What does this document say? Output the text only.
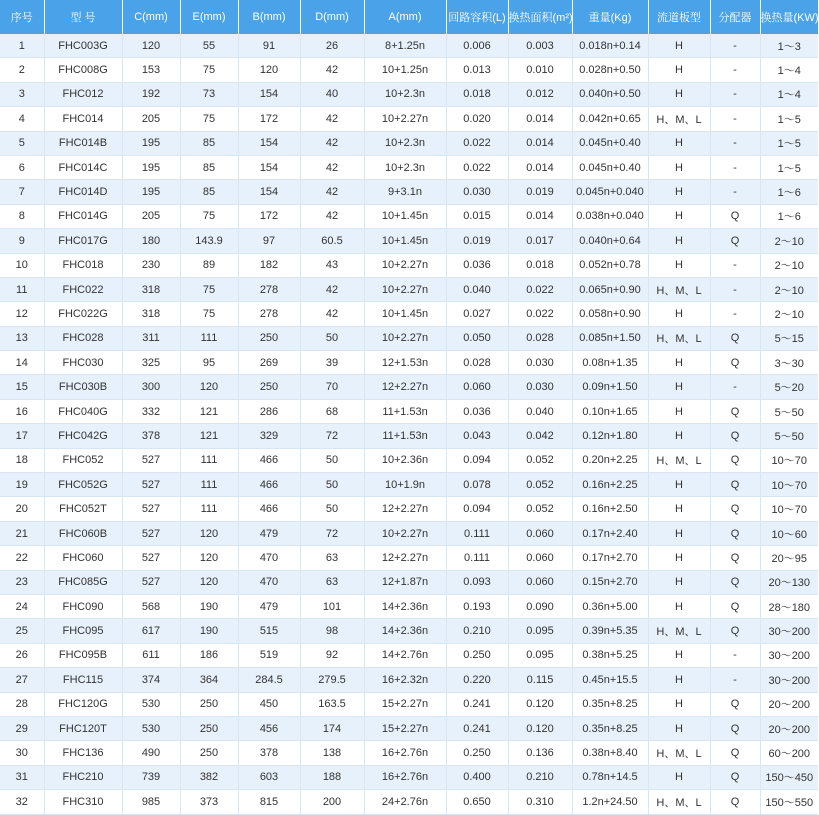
序号	型 号	C(mm)	E(mm)	B(mm)	D(mm)	A(mm)	回路容积(L)	换热面积(m²)	重量(Kg)	流道板型	分配器	换热量(KW)
1	FHC003G	120	55	91	26	8+1.25n	0.006	0.003	0.018n+0.14	H	-	1～3
2	FHC008G	153	75	120	42	10+1.25n	0.013	0.010	0.028n+0.50	H	-	1～4
3	FHC012	192	73	154	40	10+2.3n	0.018	0.012	0.040n+0.50	H	-	1～4
4	FHC014	205	75	172	42	10+2.27n	0.020	0.014	0.042n+0.65	H、M、L	-	1～5
5	FHC014B	195	85	154	42	10+2.3n	0.022	0.014	0.045n+0.40	H	-	1～5
6	FHC014C	195	85	154	42	10+2.3n	0.022	0.014	0.045n+0.40	H	-	1～5
7	FHC014D	195	85	154	42	9+3.1n	0.030	0.019	0.045n+0.040	H	-	1～6
8	FHC014G	205	75	172	42	10+1.45n	0.015	0.014	0.038n+0.040	H	Q	1～6
9	FHC017G	180	143.9	97	60.5	10+1.45n	0.019	0.017	0.040n+0.64	H	Q	2～10
10	FHC018	230	89	182	43	10+2.27n	0.036	0.018	0.052n+0.78	H	-	2～10
11	FHC022	318	75	278	42	10+2.27n	0.040	0.022	0.065n+0.90	H、M、L	-	2～10
12	FHC022G	318	75	278	42	10+1.45n	0.027	0.022	0.058n+0.90	H	-	2～10
13	FHC028	311	111	250	50	10+2.27n	0.050	0.028	0.085n+1.50	H、M、L	Q	5～15
14	FHC030	325	95	269	39	12+1.53n	0.028	0.030	0.08n+1.35	H	Q	3～30
15	FHC030B	300	120	250	70	12+2.27n	0.060	0.030	0.09n+1.50	H	-	5～20
16	FHC040G	332	121	286	68	11+1.53n	0.036	0.040	0.10n+1.65	H	Q	5～50
17	FHC042G	378	121	329	72	11+1.53n	0.043	0.042	0.12n+1.80	H	Q	5～50
18	FHC052	527	111	466	50	10+2.36n	0.094	0.052	0.20n+2.25	H、M、L	Q	10～70
19	FHC052G	527	111	466	50	10+1.9n	0.078	0.052	0.16n+2.25	H	Q	10～70
20	FHC052T	527	111	466	50	12+2.27n	0.094	0.052	0.16n+2.50	H	Q	10～70
21	FHC060B	527	120	479	72	10+2.27n	0.111	0.060	0.17n+2.40	H	Q	10～60
22	FHC060	527	120	470	63	12+2.27n	0.111	0.060	0.17n+2.70	H	Q	20～95
23	FHC085G	527	120	470	63	12+1.87n	0.093	0.060	0.15n+2.70	H	Q	20～130
24	FHC090	568	190	479	101	14+2.36n	0.193	0.090	0.36n+5.00	H	Q	28～180
25	FHC095	617	190	515	98	14+2.36n	0.210	0.095	0.39n+5.35	H、M、L	Q	30～200
26	FHC095B	611	186	519	92	14+2.76n	0.250	0.095	0.38n+5.25	H	-	30～200
27	FHC115	374	364	284.5	279.5	16+2.32n	0.220	0.115	0.45n+15.5	H	-	30～200
28	FHC120G	530	250	450	163.5	15+2.27n	0.241	0.120	0.35n+8.25	H	Q	20～200
29	FHC120T	530	250	456	174	15+2.27n	0.241	0.120	0.35n+8.25	H	Q	20～200
30	FHC136	490	250	378	138	16+2.76n	0.250	0.136	0.38n+8.40	H、M、L	Q	60～200
31	FHC210	739	382	603	188	16+2.76n	0.400	0.210	0.78n+14.5	H	Q	150～450
32	FHC310	985	373	815	200	24+2.76n	0.650	0.310	1.2n+24.50	H、M、L	Q	150～550
